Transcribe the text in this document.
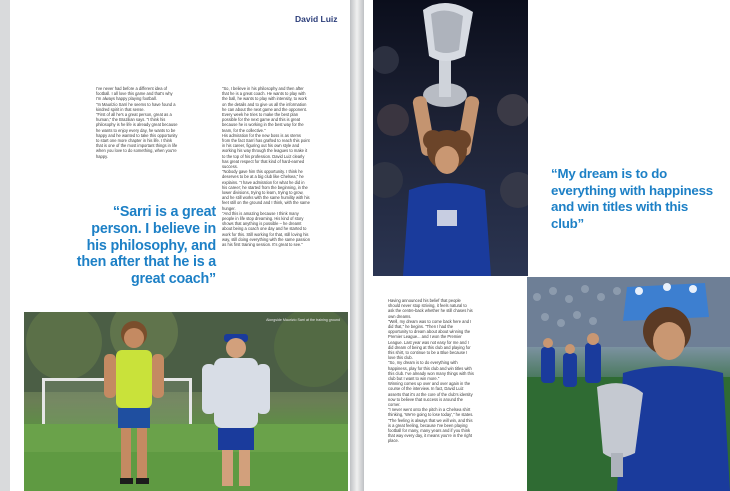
David Luiz

I've never had before a different idea of football. I all love this game and that's why I'm always happy playing football.

"In Maurizio Sarri he seems to have found a kindred spirit in that sense.

"First of all he's a great person, great as a human," the Brazilian says. "I think his philosophy is he life is already great because he wants to enjoy every day, he wants to be happy and he wanted to take this opportunity to start one more chapter in his life. I think that is one of the most important things in life when you love to do something, when you're happy.

"So, I believe in his philosophy and then after that he is a great coach. He wants to play with the ball, he wants to play with intensity, to work on the details and to give us all the information he can about the next game and the opponent. Every week he tries to make the best plan possible for the next game and this is great because he is working in the best way for the team, for the collective."

His admiration for the new boss is as stems from the fact Sarri has grafted to reach this point in his career, figuring out his own style and working his way through the leagues to make it to the top of his profession. David Luiz clearly has great respect for that kind of hard-earned success.

"Nobody gave him this opportunity. I think he deserves to be at a big club like Chelsea," he explains. "I have admiration for what he did in his career; he started from the beginning, in the lower divisions, trying to learn, trying to grow, and he still works with the same humility with his feet still on the ground and I think, with the same hunger.

"And this is amazing because I think many people in life stop dreaming. His kind of story shows that anything is possible – he dreamt about being a coach one day and he started to work for this. Still working for that, still loving his way, still doing everything with the same passion as his first training session. It's great to see."

“Sarri is a great person. I believe in his philosophy, and then after that he is a great coach”
Alongside Maurizio Sarri at the training ground
“My dream is to do everything with happiness and win titles with this club”

Having announced his belief that people should never stop striving, it feels natural to ask the centre-back whether he still chases his own dreams.

"Well, my dream was to come back here and I did that," he begins. "Then I had the opportunity to dream about about winning the Premier League... and I won the Premier League. Last year was not easy for me and I did dream of being at this club and playing for this shirt, to continue to be a Blue because I love this club.

"So, my dream is to do everything with happiness, play for this club and win titles with this club. I've already won many things with this club but I want to win more."

Winning comes up over and over again in the course of the interview. In fact, David Luiz asserts that it's at the core of the club's identity now to believe that success is around the corner.

"I never went onto the pitch in a Chelsea shirt thinking, 'We're going to lose today'," he states.

"The feeling is always that we will win, and this is a great feeling, because I've been playing football for many, many years and if you think that way every day, it means you're in the right place.
